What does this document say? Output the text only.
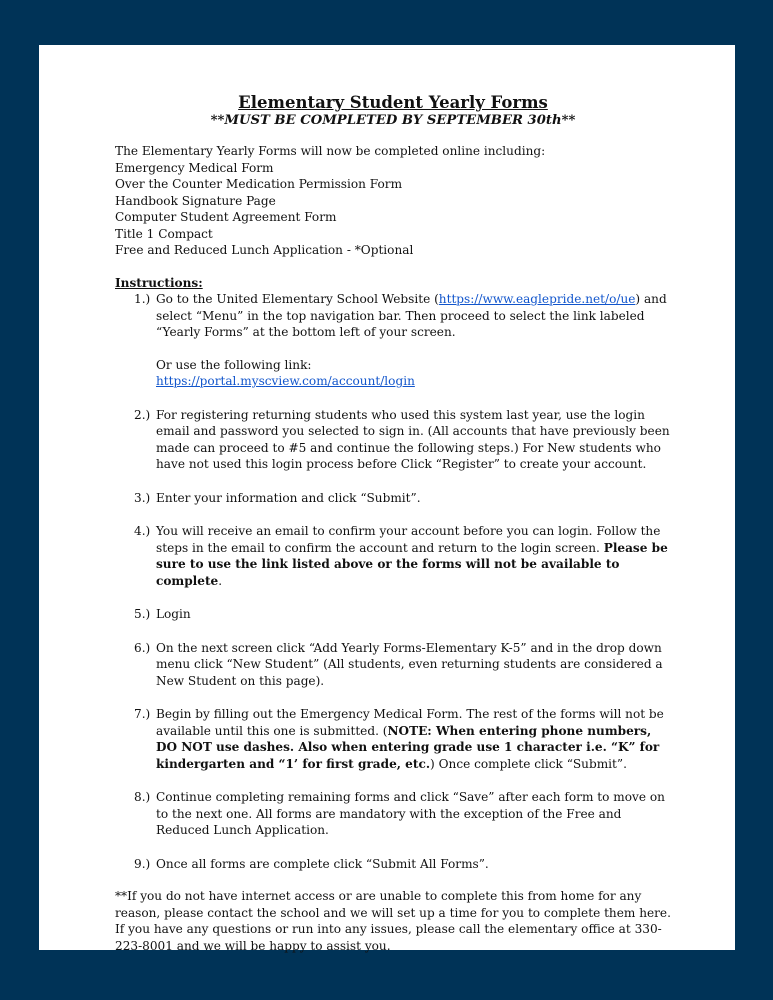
Elementary Student Yearly Forms

**MUST BE COMPLETED BY SEPTEMBER 30th**

The Elementary Yearly Forms will now be completed online including:
Emergency Medical Form
Over the Counter Medication Permission Form
Handbook Signature Page
Computer Student Agreement Form
Title 1 Compact
Free and Reduced Lunch Application - *Optional
Instructions:
1.) Go to the United Elementary School Website (https://www.eaglepride.net/o/ue) and select “Menu” in the top navigation bar. Then proceed to select the link labeled “Yearly Forms” at the bottom left of your screen.
Or use the following link:
https://portal.myscview.com/account/login
2.) For registering returning students who used this system last year, use the login email and password you selected to sign in. (All accounts that have previously been made can proceed to #5 and continue the following steps.) For New students who have not used this login process before Click “Register” to create your account.
3.) Enter your information and click “Submit”.
4.) You will receive an email to confirm your account before you can login. Follow the steps in the email to confirm the account and return to the login screen. Please be sure to use the link listed above or the forms will not be available to complete.
5.) Login
6.) On the next screen click “Add Yearly Forms-Elementary K-5” and in the drop down menu click “New Student” (All students, even returning students are considered a New Student on this page).
7.) Begin by filling out the Emergency Medical Form. The rest of the forms will not be available until this one is submitted. (NOTE: When entering phone numbers, DO NOT use dashes. Also when entering grade use 1 character i.e. “K” for kindergarten and “1’ for first grade, etc.) Once complete click “Submit”.
8.) Continue completing remaining forms and click “Save” after each form to move on to the next one. All forms are mandatory with the exception of the Free and Reduced Lunch Application.
9.) Once all forms are complete click “Submit All Forms”.

**If you do not have internet access or are unable to complete this from home for any reason, please contact the school and we will set up a time for you to complete them here. If you have any questions or run into any issues, please call the elementary office at 330-223-8001 and we will be happy to assist you.
